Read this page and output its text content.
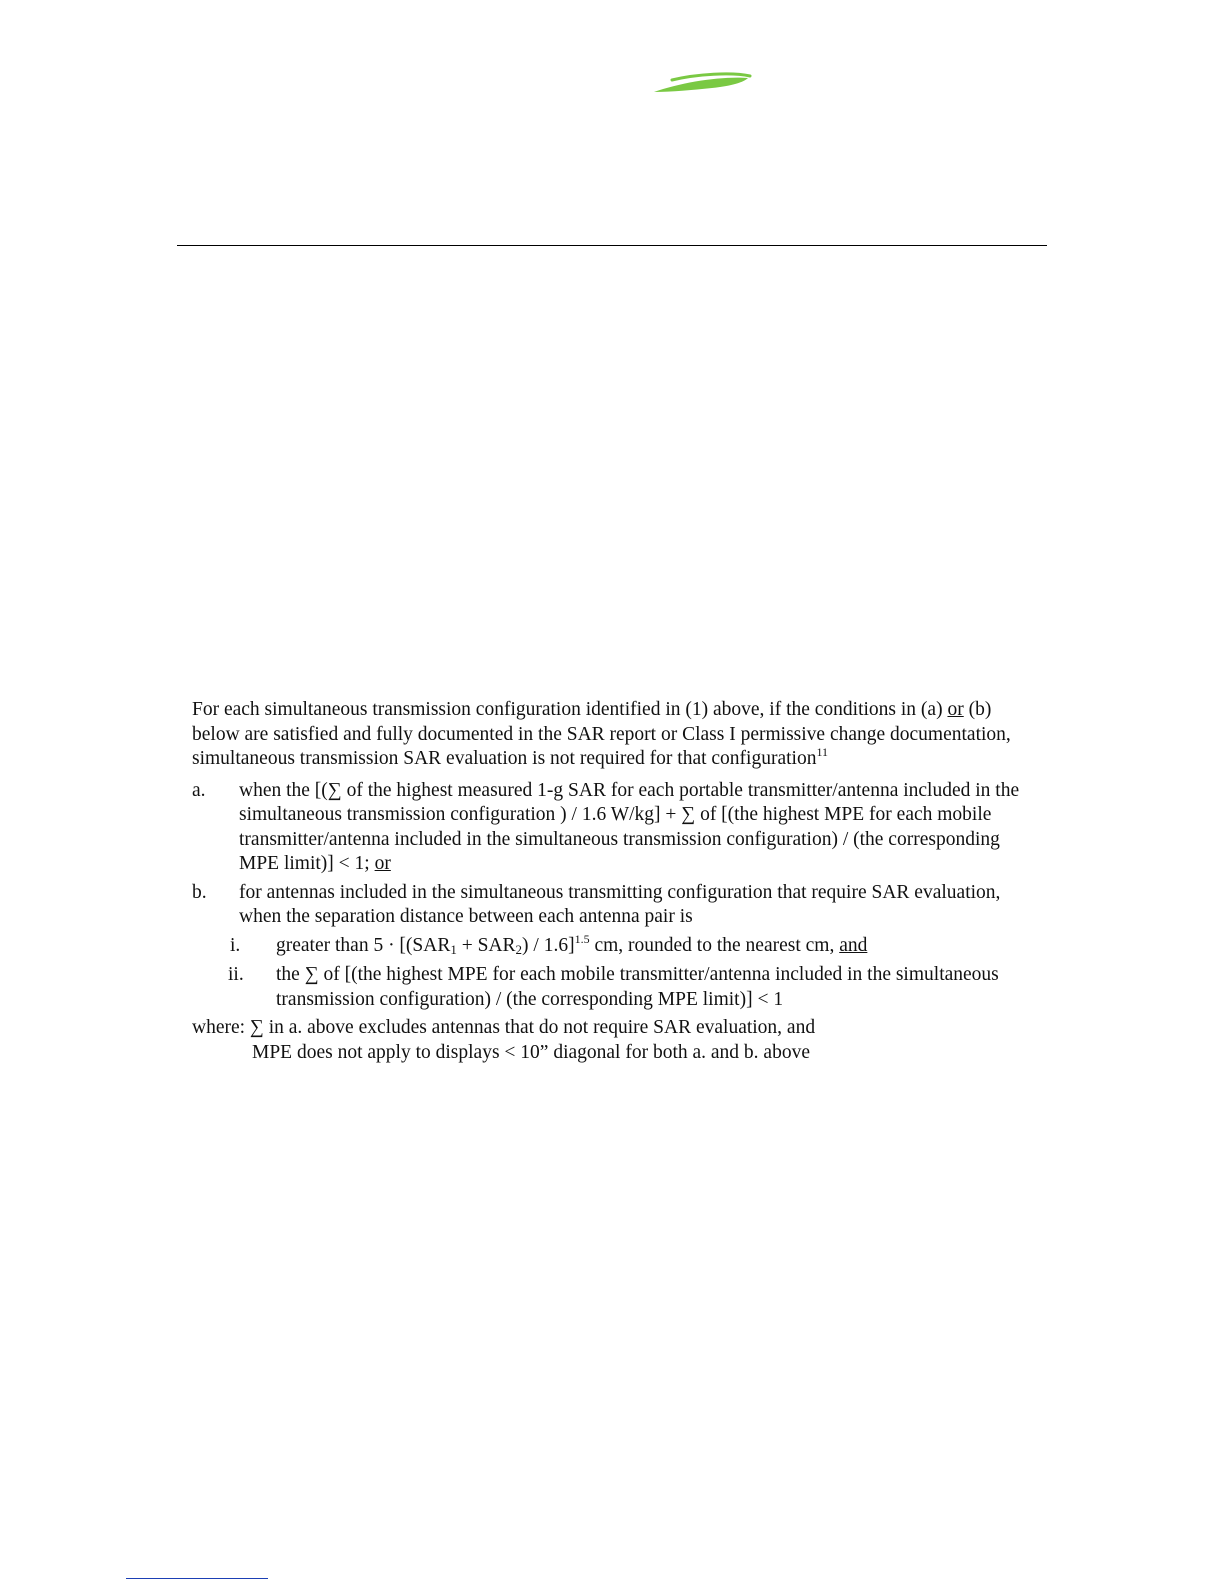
For each simultaneous transmission configuration identified in (1) above, if the conditions in (a) or (b) below are satisfied and fully documented in the SAR report or Class I permissive change documentation, simultaneous transmission SAR evaluation is not required for that configuration$^{11}$

a. when the [(∑ of the highest measured 1-g SAR for each portable transmitter/antenna included in the simultaneous transmission configuration ) / 1.6 W/kg] + ∑ of [(the highest MPE for each mobile transmitter/antenna included in the simultaneous transmission configuration) / (the corresponding MPE limit)] < 1; or
b. for antennas included in the simultaneous transmitting configuration that require SAR evaluation, when the separation distance between each antenna pair is
i. greater than $5 \cdot [(SAR_1 + SAR_2) / 1.6]^{1.5}$ cm, rounded to the nearest cm, and
ii. the ∑ of [(the highest MPE for each mobile transmitter/antenna included in the simultaneous transmission configuration) / (the corresponding MPE limit)] < 1

where: ∑ in a. above excludes antennas that do not require SAR evaluation, and

MPE does not apply to displays < 10” diagonal for both a. and b. above
